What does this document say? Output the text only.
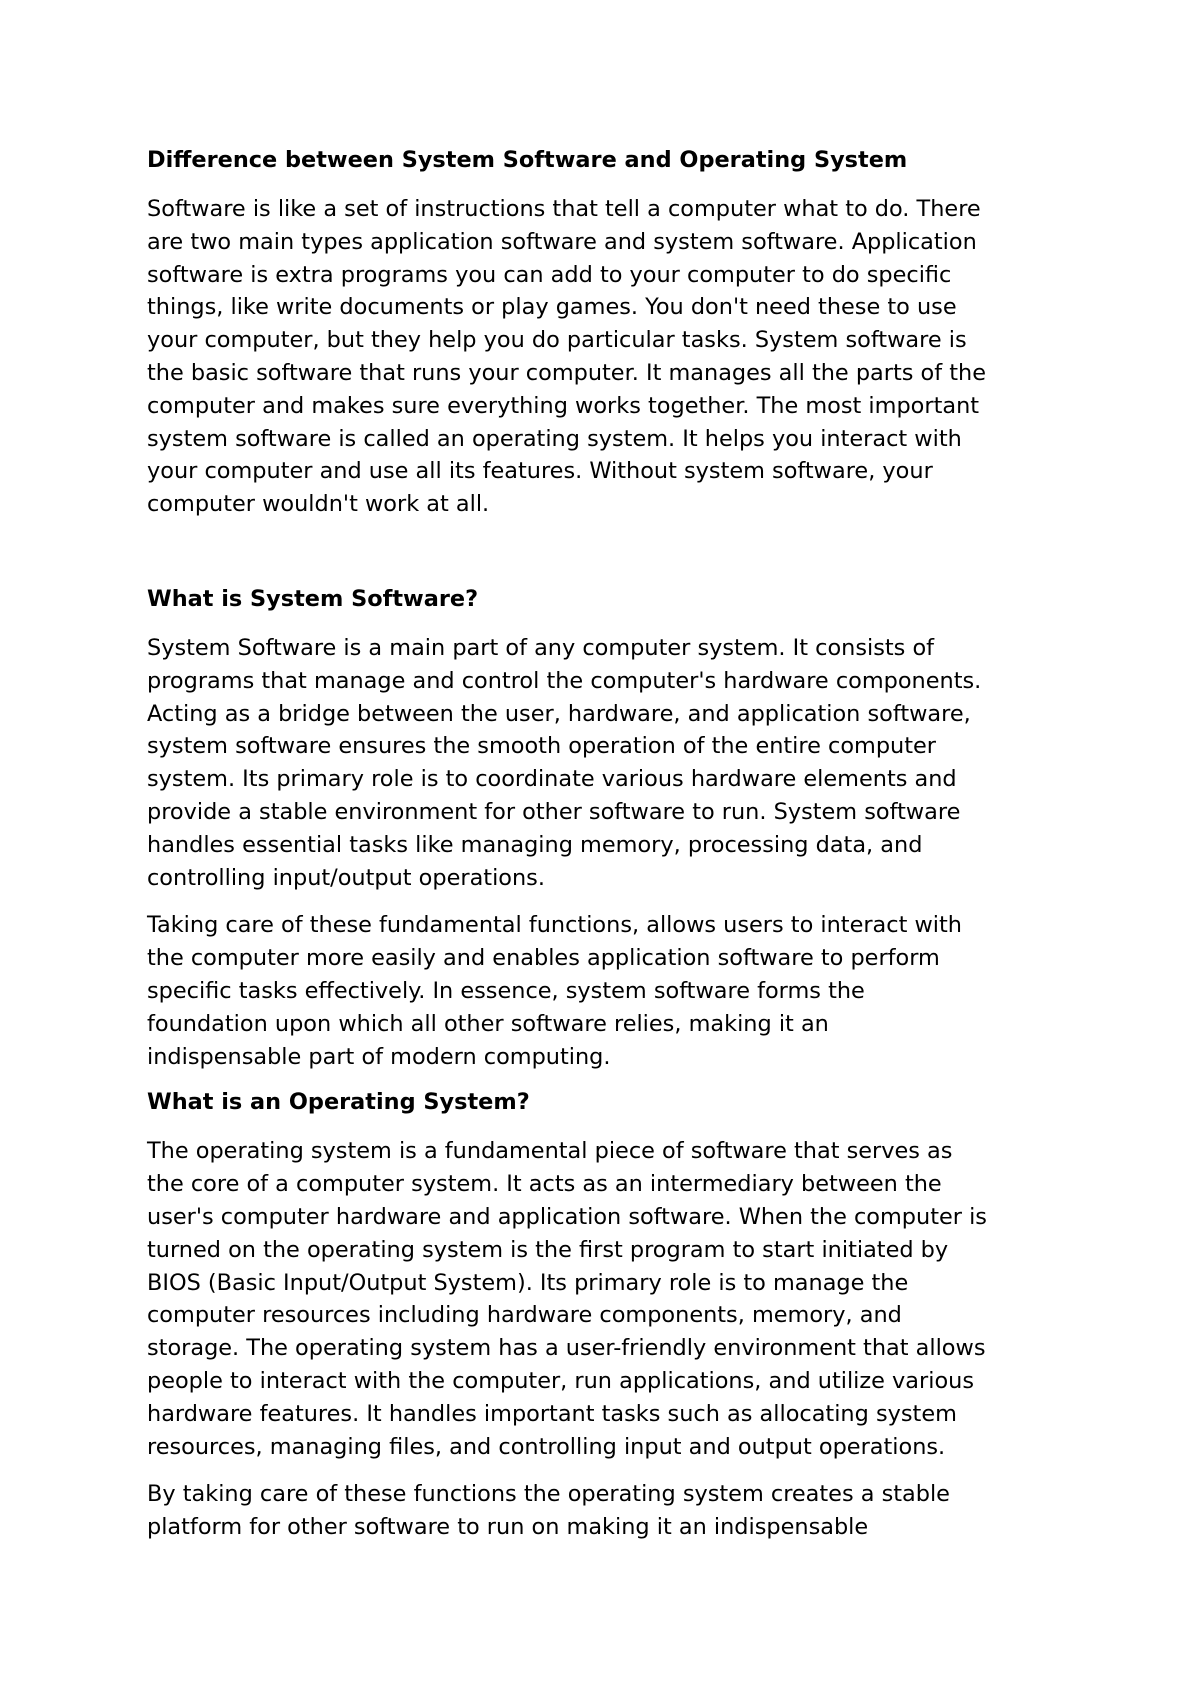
Difference between System Software and Operating System
Software is like a set of instructions that tell a computer what to do. There
are two main types application software and system software. Application
software is extra programs you can add to your computer to do specific
things, like write documents or play games. You don't need these to use
your computer, but they help you do particular tasks. System software is
the basic software that runs your computer. It manages all the parts of the
computer and makes sure everything works together. The most important
system software is called an operating system. It helps you interact with
your computer and use all its features. Without system software, your
computer wouldn't work at all.
What is System Software?
System Software is a main part of any computer system. It consists of
programs that manage and control the computer's hardware components.
Acting as a bridge between the user, hardware, and application software,
system software ensures the smooth operation of the entire computer
system. Its primary role is to coordinate various hardware elements and
provide a stable environment for other software to run. System software
handles essential tasks like managing memory, processing data, and
controlling input/output operations.
Taking care of these fundamental functions, allows users to interact with
the computer more easily and enables application software to perform
specific tasks effectively. In essence, system software forms the
foundation upon which all other software relies, making it an
indispensable part of modern computing.
What is an Operating System?
The operating system is a fundamental piece of software that serves as
the core of a computer system. It acts as an intermediary between the
user's computer hardware and application software. When the computer is
turned on the operating system is the first program to start initiated by
BIOS (Basic Input/Output System). Its primary role is to manage the
computer resources including hardware components, memory, and
storage. The operating system has a user-friendly environment that allows
people to interact with the computer, run applications, and utilize various
hardware features. It handles important tasks such as allocating system
resources, managing files, and controlling input and output operations.
By taking care of these functions the operating system creates a stable
platform for other software to run on making it an indispensable
